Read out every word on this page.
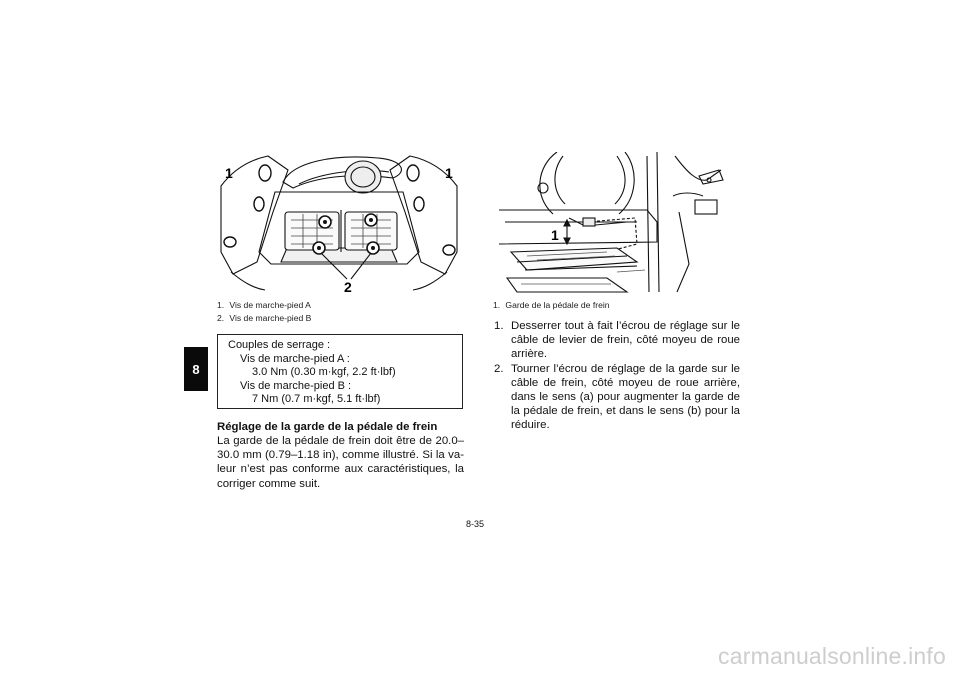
8
1	1
2
1. Vis de marche-pied A
2. Vis de marche-pied B
Couples de serrage :
Vis de marche-pied A :
3.0 Nm (0.30 m·kgf, 2.2 ft·lbf)
Vis de marche-pied B :
7 Nm (0.7 m·kgf, 5.1 ft·lbf)
Réglage de la garde de la pédale de frein
La garde de la pédale de frein doit être de 20.0–30.0 mm (0.79–1.18 in), comme illustré. Si la va-leur n’est pas conforme aux caractéristiques, la corriger comme suit.
1
1. Garde de la pédale de frein
1. Desserrer tout à fait l’écrou de réglage sur le câble de levier de frein, côté moyeu de roue arrière.
2. Tourner l’écrou de réglage de la garde sur le câble de frein, côté moyeu de roue arrière, dans le sens (a) pour augmenter la garde de la pédale de frein, et dans le sens (b) pour la réduire.
8-35
carmanualsonline.info
